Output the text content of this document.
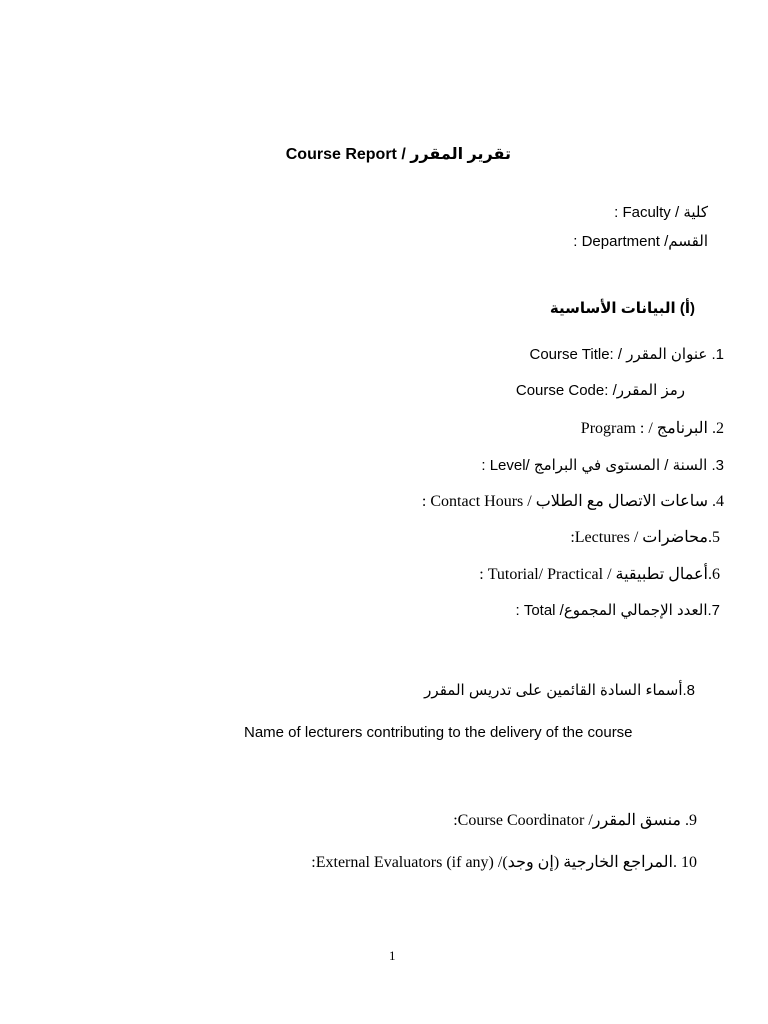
تقرير المقرر / Course Report
كلية / Faculty :
القسم/ Department :
(أ) البيانات الأساسية
1. عنوان المقرر / :Course Title
رمز المقرر/ :Course Code
2. البرنامج / : Program
3. السنة / المستوى في البرامج /Level :
4. ساعات الاتصال مع الطلاب / Contact Hours :
5.محاضرات / Lectures:
6.أعمال تطبيقية / Tutorial/ Practical :
7.العدد الإجمالي المجموع/ Total :
8.أسماء السادة القائمين على تدريس المقرر
Name of lecturers contributing to the delivery of the course
9. منسق المقرر/ Course Coordinator:
10 .المراجع الخارجية (إن وجد)/ External Evaluators (if any):
1
